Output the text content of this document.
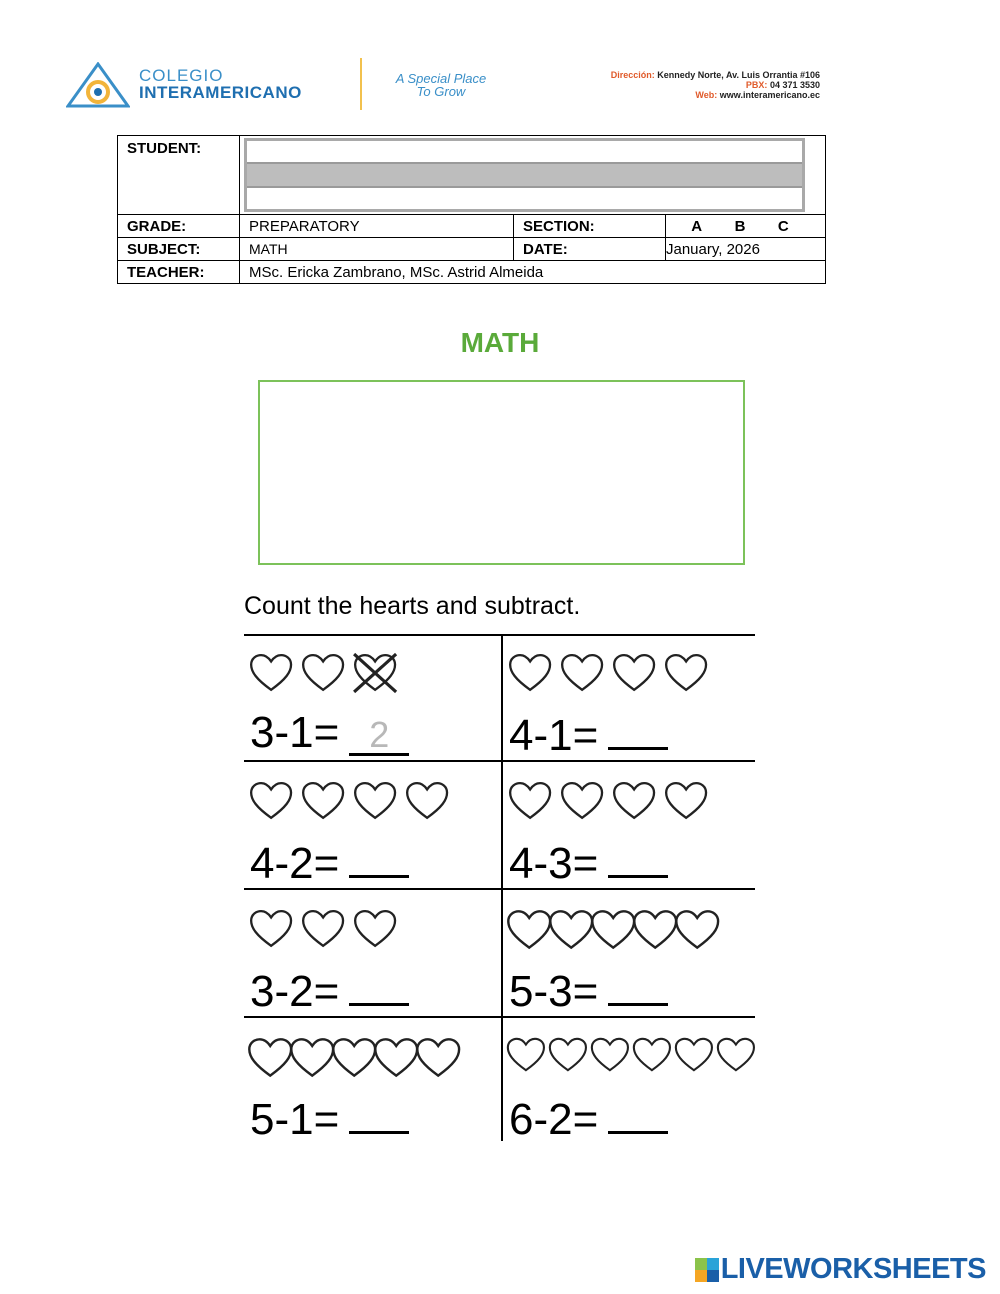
COLEGIO
INTERAMERICANO
A Special Place
To Grow
Dirección: Kennedy Norte, Av. Luis Orrantia #106
PBX: 04 371 3530
Web: www.interamericano.ec
STUDENT:			

GRADE:	PREPARATORY	SECTION:	A B C

SUBJECT:	MATH	DATE:	January, 2026
TEACHER:	MSc. Ericka Zambrano, MSc. Astrid Almeida		
MATH
Count the hearts and subtract.
3-1= 2	4-1=
4-2=	4-3=
3-2=	5-3=
5-1=	6-2=
LIVEWORKSHEETS
